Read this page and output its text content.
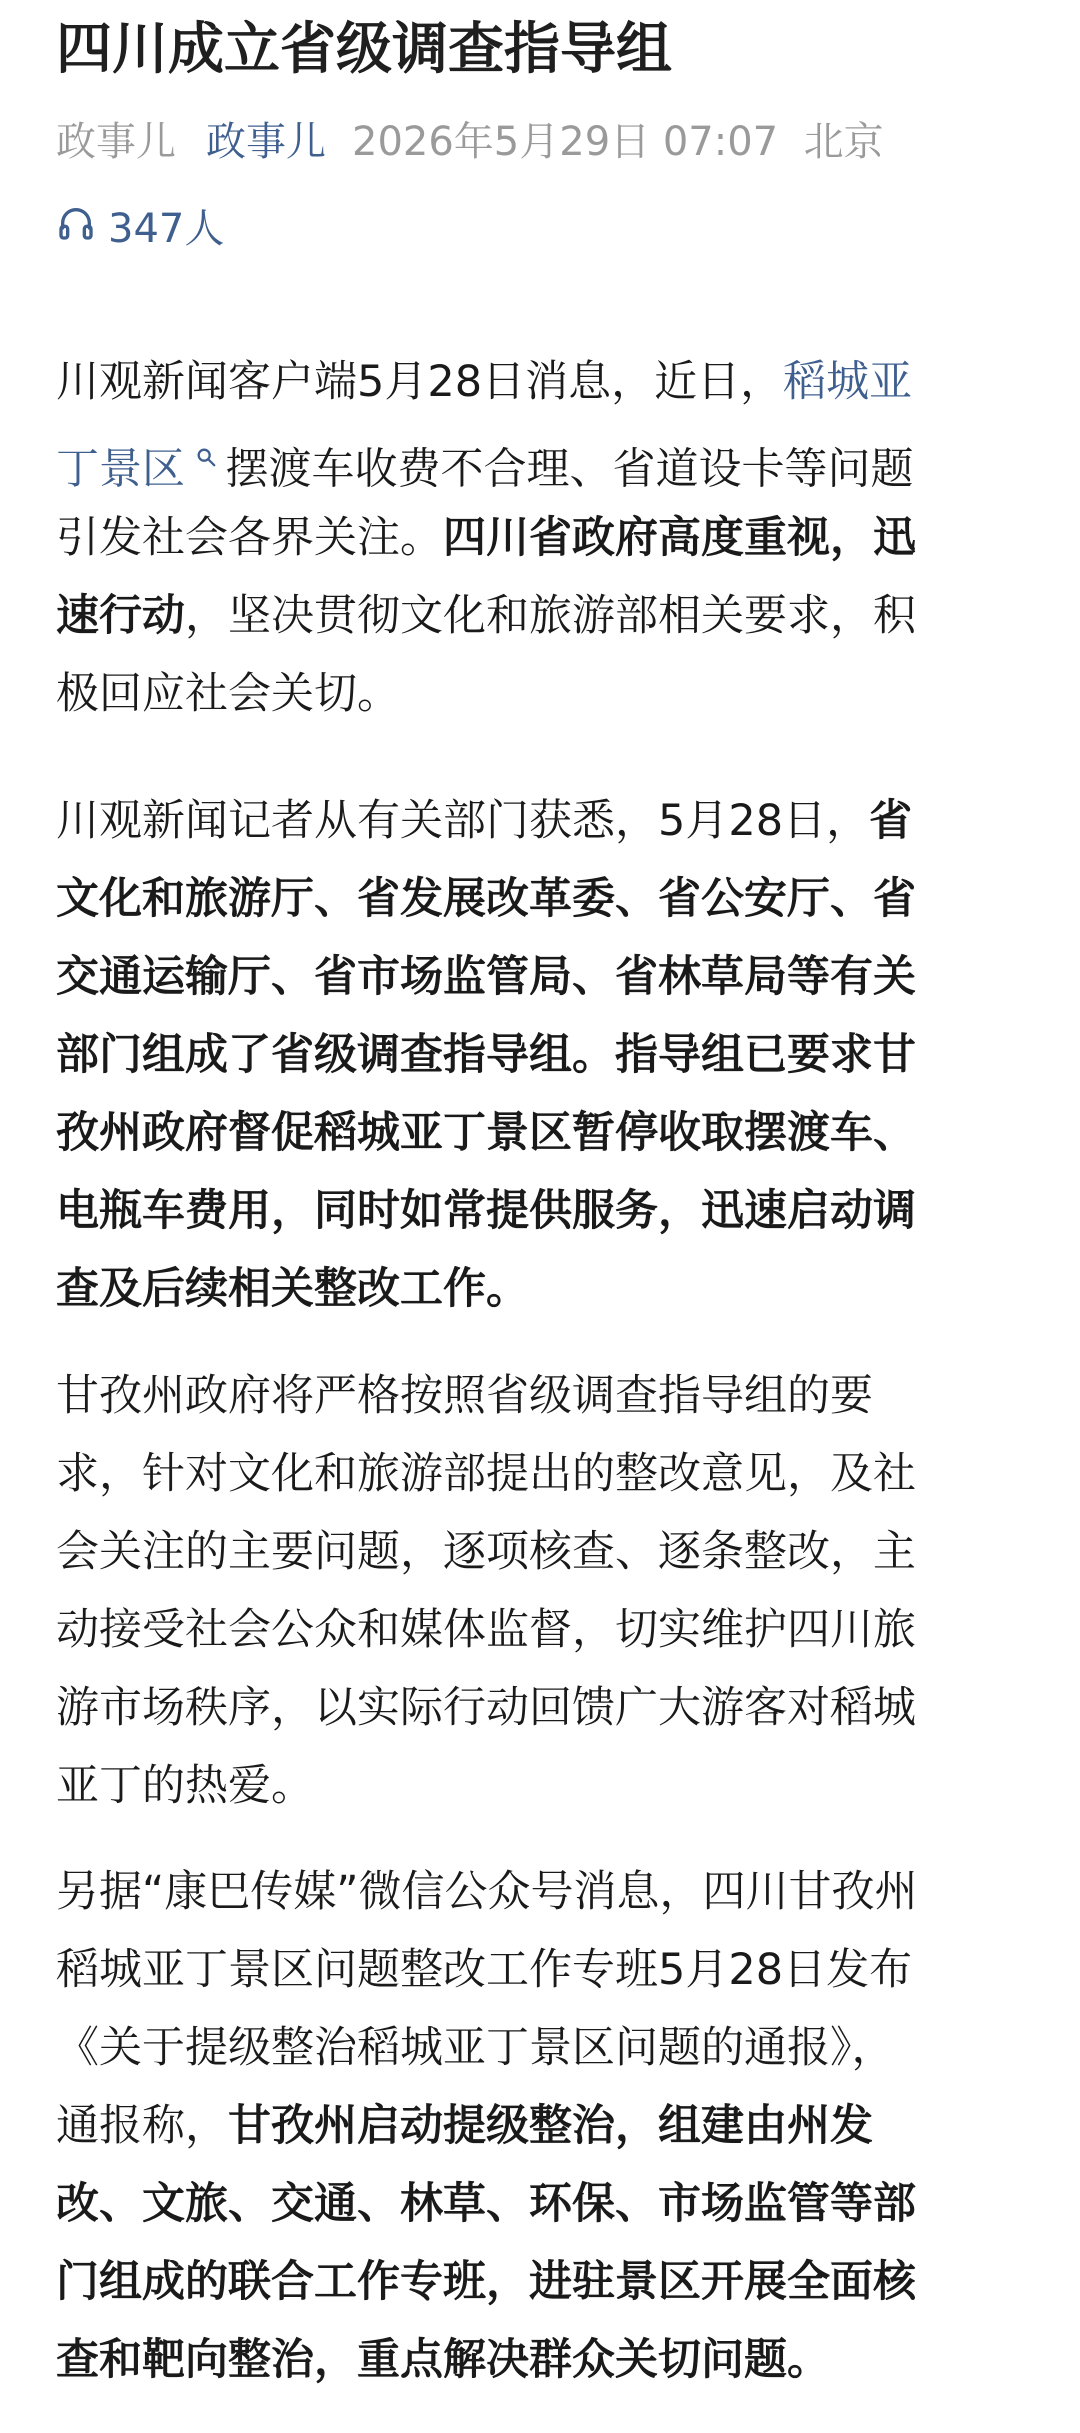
四川成立省级调查指导组
政事儿 政事儿 2026年5月29日 07:07 北京
347人
川观新闻客户端5月28日消息，近日，稻城亚
丁景区 摆渡车收费不合理、省道设卡等问题
引发社会各界关注。四川省政府高度重视，迅
速行动，坚决贯彻文化和旅游部相关要求，积
极回应社会关切。
川观新闻记者从有关部门获悉，5月28日，省
文化和旅游厅、省发展改革委、省公安厅、省
交通运输厅、省市场监管局、省林草局等有关
部门组成了省级调查指导组。指导组已要求甘
孜州政府督促稻城亚丁景区暂停收取摆渡车、
电瓶车费用，同时如常提供服务，迅速启动调
查及后续相关整改工作。
甘孜州政府将严格按照省级调查指导组的要
求，针对文化和旅游部提出的整改意见，及社
会关注的主要问题，逐项核查、逐条整改，主
动接受社会公众和媒体监督，切实维护四川旅
游市场秩序，以实际行动回馈广大游客对稻城
亚丁的热爱。
另据“康巴传媒”微信公众号消息，四川甘孜州
稻城亚丁景区问题整改工作专班5月28日发布
《关于提级整治稻城亚丁景区问题的通报》，
通报称，甘孜州启动提级整治，组建由州发
改、文旅、交通、林草、环保、市场监管等部
门组成的联合工作专班，进驻景区开展全面核
查和靶向整治，重点解决群众关切问题。
